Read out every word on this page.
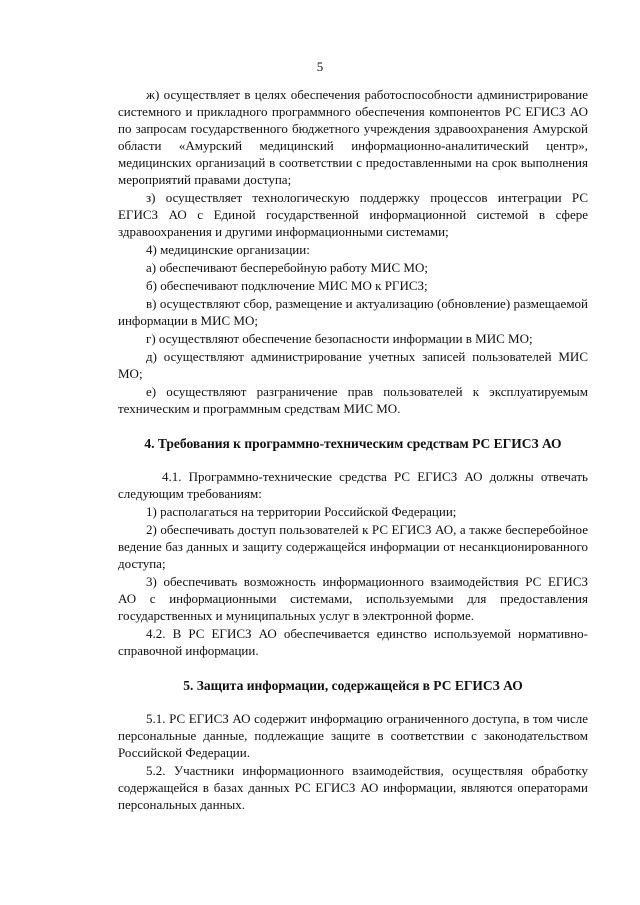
5

ж) осуществляет в целях обеспечения работоспособности администрирование системного и прикладного программного обеспечения компонентов РС ЕГИСЗ АО по запросам государственного бюджетного учреждения здравоохранения Амурской области «Амурский медицинский информационно-аналитический центр», медицинских организаций в соответствии с предоставленными на срок выполнения мероприятий правами доступа;

з) осуществляет технологическую поддержку процессов интеграции РС ЕГИСЗ АО с Единой государственной информационной системой в сфере здравоохранения и другими информационными системами;

4) медицинские организации:

а) обеспечивают бесперебойную работу МИС МО;

б) обеспечивают подключение МИС МО к РГИСЗ;

в) осуществляют сбор, размещение и актуализацию (обновление) размещаемой информации в МИС МО;

г) осуществляют обеспечение безопасности информации в МИС МО;

д) осуществляют администрирование учетных записей пользователей МИС МО;

е) осуществляют разграничение прав пользователей к эксплуатируемым техническим и программным средствам МИС МО.

4. Требования к программно-техническим средствам РС ЕГИСЗ АО

4.1. Программно-технические средства РС ЕГИСЗ АО должны отвечать следующим требованиям:

1) располагаться на территории Российской Федерации;

2) обеспечивать доступ пользователей к РС ЕГИСЗ АО, а также бесперебойное ведение баз данных и защиту содержащейся информации от несанкционированного доступа;

3) обеспечивать возможность информационного взаимодействия РС ЕГИСЗ АО с информационными системами, используемыми для предоставления государственных и муниципальных услуг в электронной форме.

4.2. В РС ЕГИСЗ АО обеспечивается единство используемой нормативно-справочной информации.

5. Защита информации, содержащейся в РС ЕГИСЗ АО

5.1. РС ЕГИСЗ АО содержит информацию ограниченного доступа, в том числе персональные данные, подлежащие защите в соответствии с законодательством Российской Федерации.

5.2. Участники информационного взаимодействия, осуществляя обработку содержащейся в базах данных РС ЕГИСЗ АО информации, являются операторами персональных данных.
